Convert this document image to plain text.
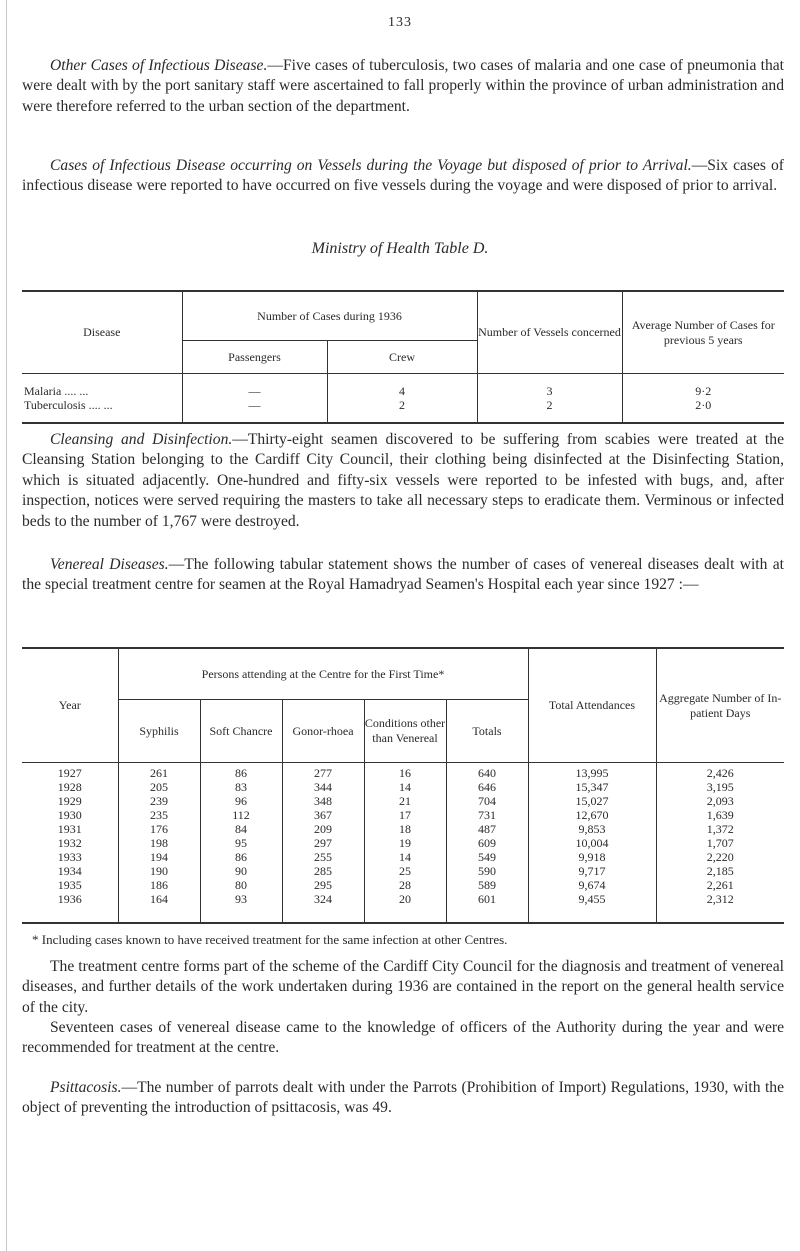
133

Other Cases of Infectious Disease.—Five cases of tuberculosis, two cases of malaria and one case of pneumonia that were dealt with by the port sanitary staff were ascertained to fall properly within the province of urban administration and were therefore referred to the urban section of the department.

Cases of Infectious Disease occurring on Vessels during the Voyage but disposed of prior to Arrival.—Six cases of infectious disease were reported to have occurred on five vessels during the voyage and were disposed of prior to arrival.

Ministry of Health Table D.
Disease	Number of Cases during 1936		Number of Vessels concerned	Average Number of Cases for previous 5 years
	Passengers	Crew		
Malaria .... ...	—	4	3	9·2
Tuberculosis .... ...	—	2	2	2·0

Cleansing and Disinfection.—Thirty-eight seamen discovered to be suffering from scabies were treated at the Cleansing Station belonging to the Cardiff City Council, their clothing being disinfected at the Disinfecting Station, which is situated adjacently. One-hundred and fifty-six vessels were reported to be infested with bugs, and, after inspection, notices were served requiring the masters to take all necessary steps to eradicate them. Verminous or infected beds to the number of 1,767 were destroyed.

Venereal Diseases.—The following tabular statement shows the number of cases of venereal diseases dealt with at the special treatment centre for seamen at the Royal Hamadryad Seamen's Hospital each year since 1927 :—

Year	Persons attending at the Centre for the First Time*					Total Attendances	Aggregate Number of In-patient Days
	Syphilis	Soft Chancre	Gonor-rhoea	Conditions other than Venereal	Totals		
1927	261	86	277	16	640	13,995	2,426
1928	205	83	344	14	646	15,347	3,195
1929	239	96	348	21	704	15,027	2,093
1930	235	112	367	17	731	12,670	1,639
1931	176	84	209	18	487	9,853	1,372
1932	198	95	297	19	609	10,004	1,707
1933	194	86	255	14	549	9,918	2,220
1934	190	90	285	25	590	9,717	2,185
1935	186	80	295	28	589	9,674	2,261
1936	164	93	324	20	601	9,455	2,312
* Including cases known to have received treatment for the same infection at other Centres.

The treatment centre forms part of the scheme of the Cardiff City Council for the diagnosis and treatment of venereal diseases, and further details of the work undertaken during 1936 are contained in the report on the general health service of the city.

Seventeen cases of venereal disease came to the knowledge of officers of the Authority during the year and were recommended for treatment at the centre.

Psittacosis.—The number of parrots dealt with under the Parrots (Prohibition of Import) Regulations, 1930, with the object of preventing the introduction of psittacosis, was 49.
